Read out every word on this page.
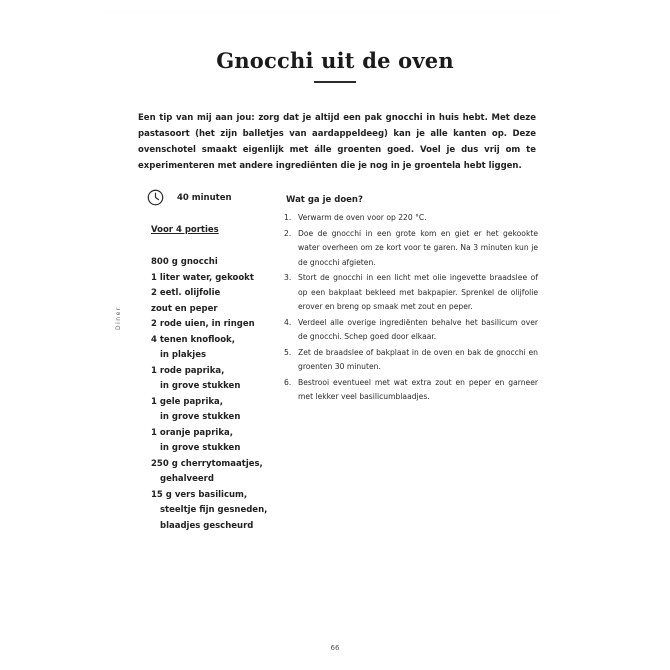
Gnocchi uit de oven
Een tip van mij aan jou: zorg dat je altijd een pak gnocchi in huis hebt. Met deze pastasoort (het zijn balletjes van aardappeldeeg) kan je alle kanten op. Deze ovenschotel smaakt eigenlijk met álle groenten goed. Voel je dus vrij om te experimenteren met andere ingrediënten die je nog in je groentela hebt liggen.
40 minuten
Voor 4 porties
800 g gnocchi
1 liter water, gekookt
2 eetl. olijfolie
zout en peper
2 rode uien, in ringen
4 tenen knoflook,
in plakjes
1 rode paprika,
in grove stukken
1 gele paprika,
in grove stukken
1 oranje paprika,
in grove stukken
250 g cherrytomaatjes,
gehalveerd
15 g vers basilicum,
steeltje fijn gesneden,
blaadjes gescheurd
Diner
Wat ga je doen?
1. Verwarm de oven voor op 220 °C.
2. Doe de gnocchi in een grote kom en giet er het gekookte water overheen om ze kort voor te garen. Na 3 minuten kun je de gnocchi afgieten.
3. Stort de gnocchi in een licht met olie ingevette braadslee of op een bakplaat bekleed met bakpapier. Sprenkel de olijfolie erover en breng op smaak met zout en peper.
4. Verdeel alle overige ingrediënten behalve het basilicum over de gnocchi. Schep goed door elkaar.
5. Zet de braadslee of bakplaat in de oven en bak de gnocchi en groenten 30 minuten.
6. Bestrooi eventueel met wat extra zout en peper en garneer met lekker veel basilicumblaadjes.
66
